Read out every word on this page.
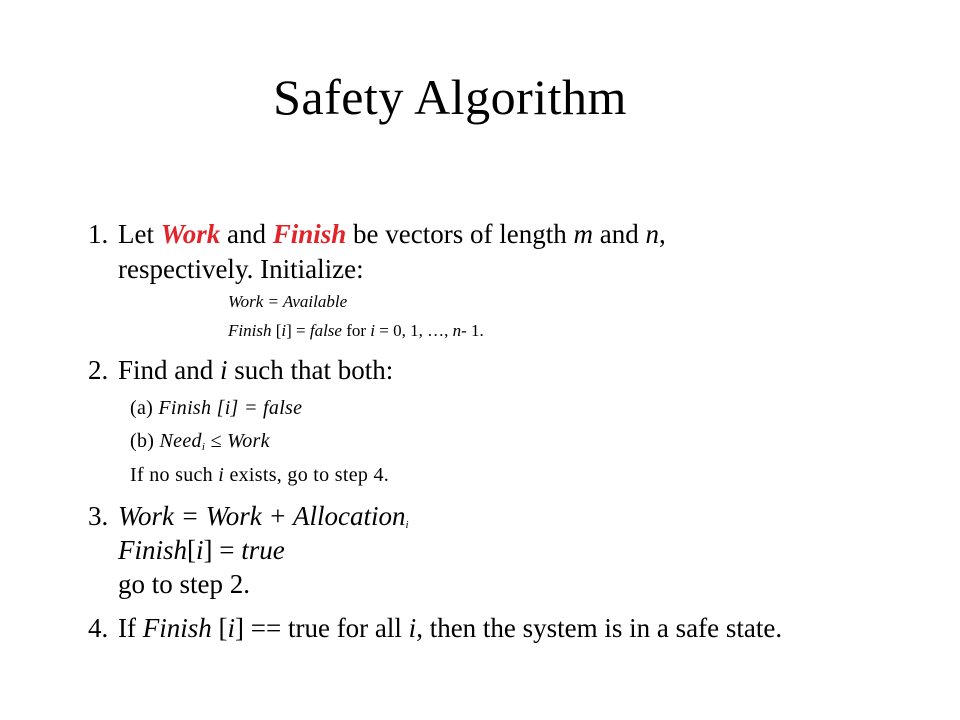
Safety Algorithm
1. Let Work and Finish be vectors of length m and n,
respectively. Initialize:
Work = Available
Finish [i] = false for i = 0, 1, …, n- 1.
2. Find and i such that both:
(a) Finish [i] = false
(b) Need$_i$ ≤ Work
If no such i exists, go to step 4.
3. Work = Work + Allocation$_i$
Finish[i] = true
go to step 2.
4. If Finish [i] == true for all i, then the system is in a safe state.
